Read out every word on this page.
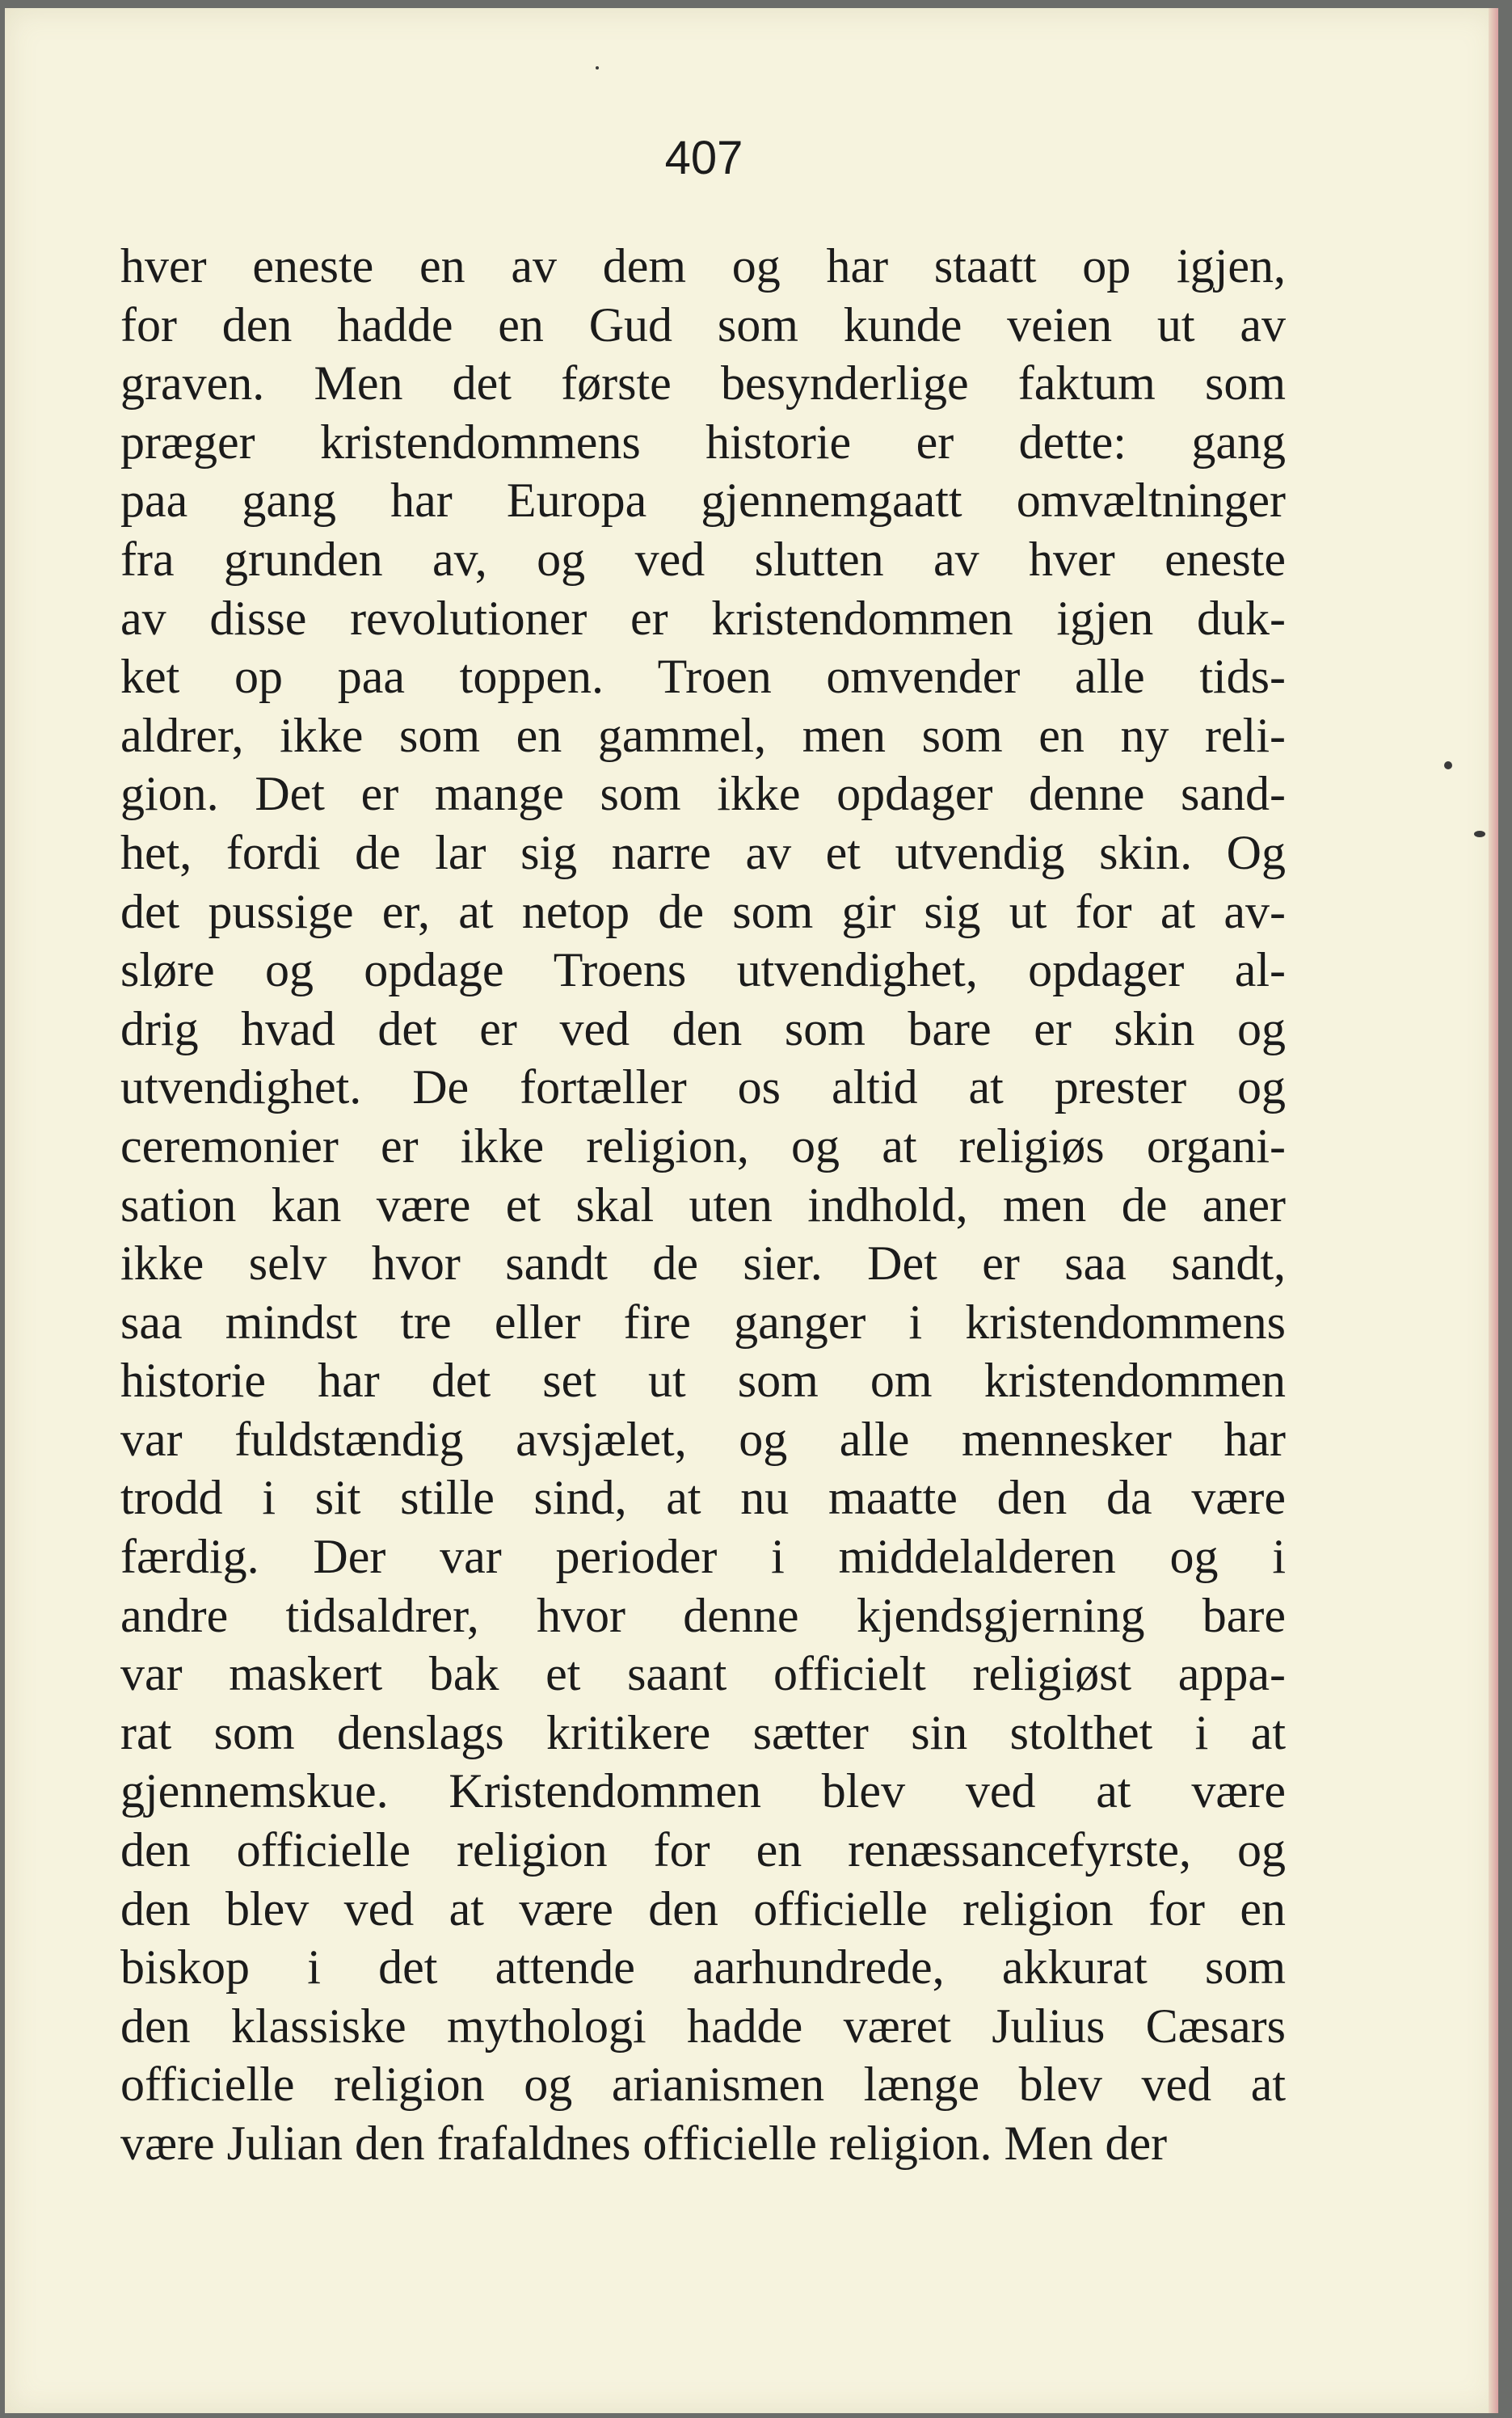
407
hver eneste en av dem og har staatt op igjen,
for den hadde en Gud som kunde veien ut av
graven. Men det første besynderlige faktum som
præger kristendommens historie er dette: gang
paa gang har Europa gjennemgaatt omvæltninger
fra grunden av, og ved slutten av hver eneste
av disse revolutioner er kristendommen igjen duk-
ket op paa toppen. Troen omvender alle tids-
aldrer, ikke som en gammel, men som en ny reli-
gion. Det er mange som ikke opdager denne sand-
het, fordi de lar sig narre av et utvendig skin. Og
det pussige er, at netop de som gir sig ut for at av-
sløre og opdage Troens utvendighet, opdager al-
drig hvad det er ved den som bare er skin og
utvendighet. De fortæller os altid at prester og
ceremonier er ikke religion, og at religiøs organi-
sation kan være et skal uten indhold, men de aner
ikke selv hvor sandt de sier. Det er saa sandt,
saa mindst tre eller fire ganger i kristendommens
historie har det set ut som om kristendommen
var fuldstændig avsjælet, og alle mennesker har
trodd i sit stille sind, at nu maatte den da være
færdig. Der var perioder i middelalderen og i
andre tidsaldrer, hvor denne kjendsgjerning bare
var maskert bak et saant officielt religiøst appa-
rat som denslags kritikere sætter sin stolthet i at
gjennemskue. Kristendommen blev ved at være
den officielle religion for en renæssancefyrste, og
den blev ved at være den officielle religion for en
biskop i det attende aarhundrede, akkurat som
den klassiske mythologi hadde været Julius Cæsars
officielle religion og arianismen længe blev ved at
være Julian den frafaldnes officielle religion. Men der
